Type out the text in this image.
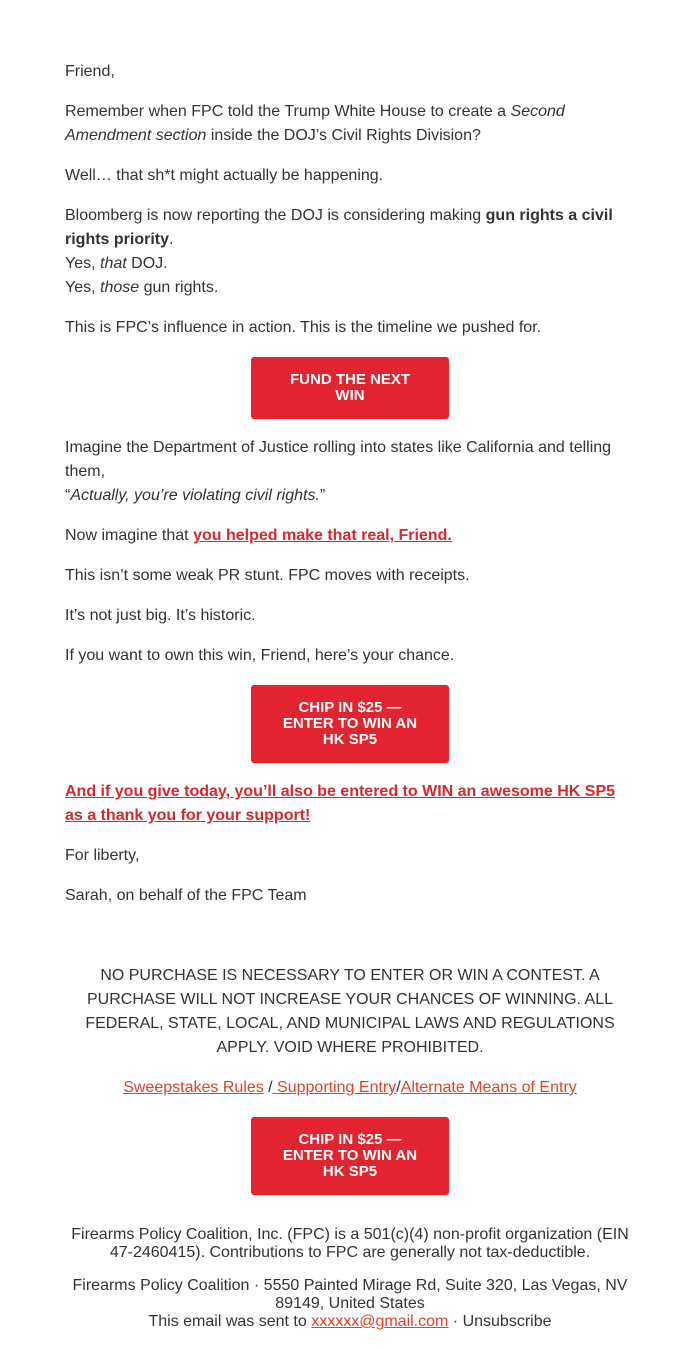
Friend,

Remember when FPC told the Trump White House to create a Second Amendment section inside the DOJ’s Civil Rights Division?

Well… that sh*t might actually be happening.

Bloomberg is now reporting the DOJ is considering making gun rights a civil rights priority.
Yes, that DOJ.
Yes, those gun rights.

This is FPC’s influence in action. This is the timeline we pushed for.

FUND THE NEXT WIN

Imagine the Department of Justice rolling into states like California and telling them,
“Actually, you’re violating civil rights.”

Now imagine that you helped make that real, Friend.

This isn’t some weak PR stunt. FPC moves with receipts.

It’s not just big. It’s historic.

If you want to own this win, Friend, here’s your chance.

CHIP IN $25 — ENTER TO WIN AN HK SP5

And if you give today, you’ll also be entered to WIN an awesome HK SP5 as a thank you for your support!

For liberty,

Sarah, on behalf of the FPC Team

NO PURCHASE IS NECESSARY TO ENTER OR WIN A CONTEST. A PURCHASE WILL NOT INCREASE YOUR CHANCES OF WINNING. ALL FEDERAL, STATE, LOCAL, AND MUNICIPAL LAWS AND REGULATIONS APPLY. VOID WHERE PROHIBITED.

Sweepstakes Rules / Supporting Entry/Alternate Means of Entry

CHIP IN $25 — ENTER TO WIN AN HK SP5

Firearms Policy Coalition, Inc. (FPC) is a 501(c)(4) non-profit organization (EIN 47-2460415). Contributions to FPC are generally not tax-deductible.

Firearms Policy Coalition · 5550 Painted Mirage Rd, Suite 320, Las Vegas, NV 89149, United States

This email was sent to xxxxxx@gmail.com · Unsubscribe
